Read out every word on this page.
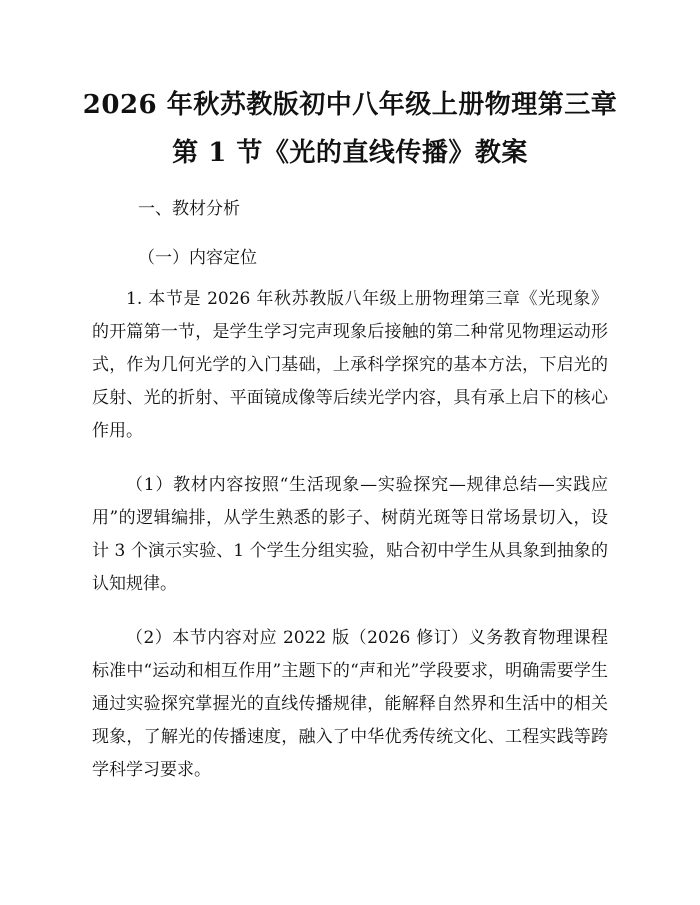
2026 年秋苏教版初中八年级上册物理第三章
第 1 节《光的直线传播》教案
一、教材分析
（一）内容定位

1. 本节是 2026 年秋苏教版八年级上册物理第三章《光现象》的开篇第一节，是学生学习完声现象后接触的第二种常见物理运动形式，作为几何光学的入门基础，上承科学探究的基本方法，下启光的反射、光的折射、平面镜成像等后续光学内容，具有承上启下的核心作用。

（1）教材内容按照“生活现象—实验探究—规律总结—实践应用”的逻辑编排，从学生熟悉的影子、树荫光斑等日常场景切入，设计 3 个演示实验、1 个学生分组实验，贴合初中学生从具象到抽象的认知规律。

（2）本节内容对应 2022 版（2026 修订）义务教育物理课程标准中“运动和相互作用”主题下的“声和光”学段要求，明确需要学生通过实验探究掌握光的直线传播规律，能解释自然界和生活中的相关现象，了解光的传播速度，融入了中华优秀传统文化、工程实践等跨学科学习要求。
